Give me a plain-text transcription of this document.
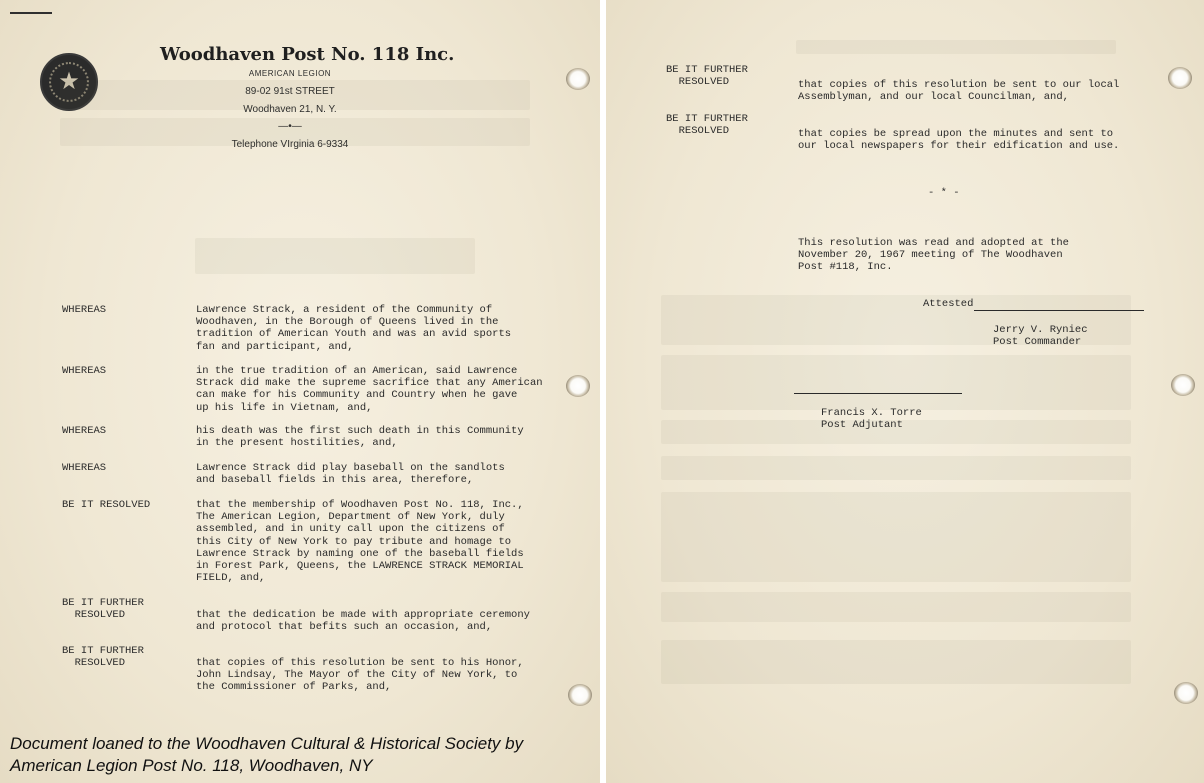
★
Woodhaven Post No. 118 Inc.
AMERICAN LEGION
89-02 91st STREET
Woodhaven 21, N. Y.
—•—
Telephone VIrginia 6-9334
WHEREAS	Lawrence Strack, a resident of the Community of
Woodhaven, in the Borough of Queens lived in the
tradition of American Youth and was an avid sports
fan and participant, and,
WHEREAS	in the true tradition of an American, said Lawrence
Strack did make the supreme sacrifice that any American
can make for his Community and Country when he gave
up his life in Vietnam, and,
WHEREAS	his death was the first such death in this Community
in the present hostilities, and,
WHEREAS	Lawrence Strack did play baseball on the sandlots
and baseball fields in this area, therefore,
BE IT RESOLVED	that the membership of Woodhaven Post No. 118, Inc.,
The American Legion, Department of New York, duly
assembled, and in unity call upon the citizens of
this City of New York to pay tribute and homage to
Lawrence Strack by naming one of the baseball fields
in Forest Park, Queens, the LAWRENCE STRACK MEMORIAL
FIELD, and,
BE IT FURTHER
RESOLVED	that the dedication be made with appropriate ceremony
and protocol that befits such an occasion, and,
BE IT FURTHER
RESOLVED	that copies of this resolution be sent to his Honor,
John Lindsay, The Mayor of the City of New York, to
the Commissioner of Parks, and,
Document loaned to the Woodhaven Cultural & Historical Society by
American Legion Post No. 118, Woodhaven, NY
BE IT FURTHER
RESOLVED	that copies of this resolution be sent to our local
Assemblyman, and our local Councilman, and,
BE IT FURTHER
RESOLVED	that copies be spread upon the minutes and sent to
our local newspapers for their edification and use.
- * -
This resolution was read and adopted at the
November 20, 1967 meeting of The Woodhaven
Post #118, Inc.
Attested
Jerry V. Ryniec
Post Commander
Francis X. Torre
Post Adjutant
